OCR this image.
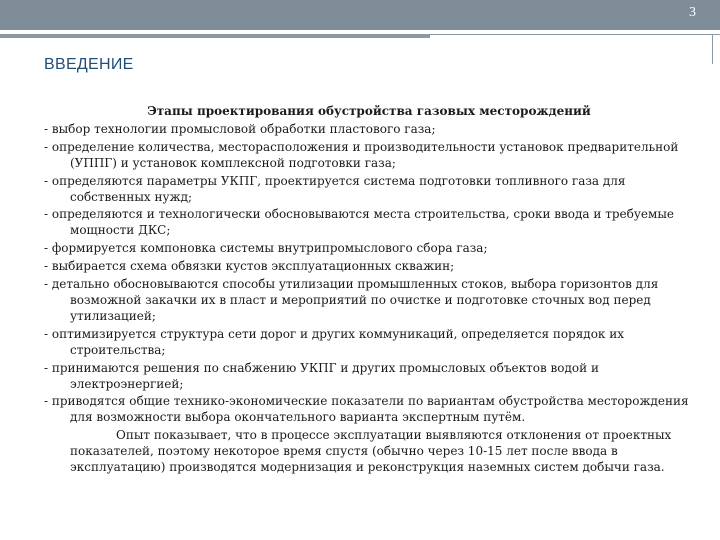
3
ВВЕДЕНИЕ

Этапы проектирования обустройства газовых месторождений

- выбор технологии промысловой обработки пластового газа;
- определение количества, месторасположения и производительности установок предварительной (УППГ) и установок комплексной подготовки газа;
- определяются параметры УКПГ, проектируется система подготовки топливного газа для собственных нужд;
- определяются и технологически обосновываются места строительства, сроки ввода и требуемые мощности ДКС;
- формируется компоновка системы внутрипромыслового сбора газа;
- выбирается схема обвязки кустов эксплуатационных скважин;
- детально обосновываются способы утилизации промышленных стоков, выбора горизонтов для возможной закачки их в пласт и мероприятий по очистке и подготовке сточных вод перед утилизацией;
- оптимизируется структура сети дорог и других коммуникаций, определяется порядок их строительства;
- принимаются решения по снабжению УКПГ и других промысловых объектов водой и электроэнергией;
- приводятся общие технико-экономические показатели по вариантам обустройства месторождения для возможности выбора окончательного варианта экспертным путём.

Опыт показывает, что в процессе эксплуатации выявляются отклонения от проектных показателей, поэтому некоторое время спустя (обычно через 10-15 лет после ввода в эксплуатацию) производятся модернизация и реконструкция наземных систем добычи газа.
